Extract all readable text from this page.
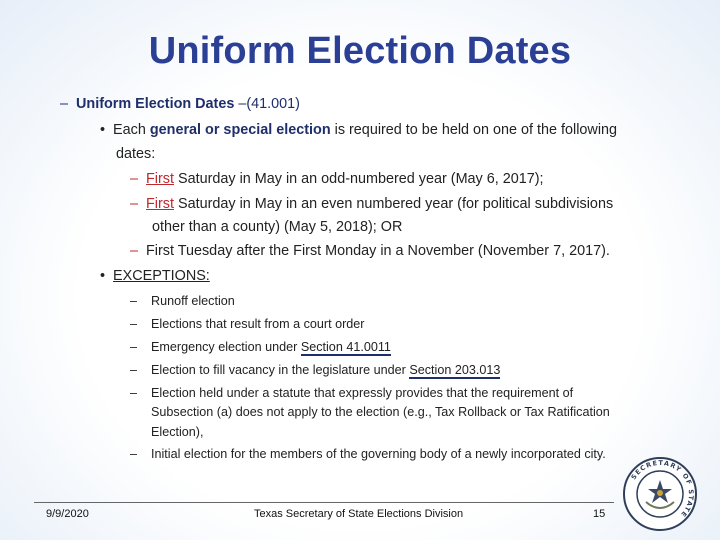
Uniform Election Dates
– Uniform Election Dates –(41.001)
• Each general or special election is required to be held on one of the following
dates:
– First Saturday in May in an odd-numbered year (May 6, 2017);
– First Saturday in May in an even numbered year (for political subdivisions
other than a county) (May 5, 2018); OR
– First Tuesday after the First Monday in a November (November 7, 2017).
• EXCEPTIONS:
– Runoff election
– Elections that result from a court order
– Emergency election under Section 41.0011
– Election to fill vacancy in the legislature under Section 203.013
– Election held under a statute that expressly provides that the requirement of
Subsection (a) does not apply to the election (e.g., Tax Rollback or Tax Ratification
Election),
– Initial election for the members of the governing body of a newly incorporated city.
SECRETARY OF STATE
9/9/2020	Texas Secretary of State Elections Division	15
